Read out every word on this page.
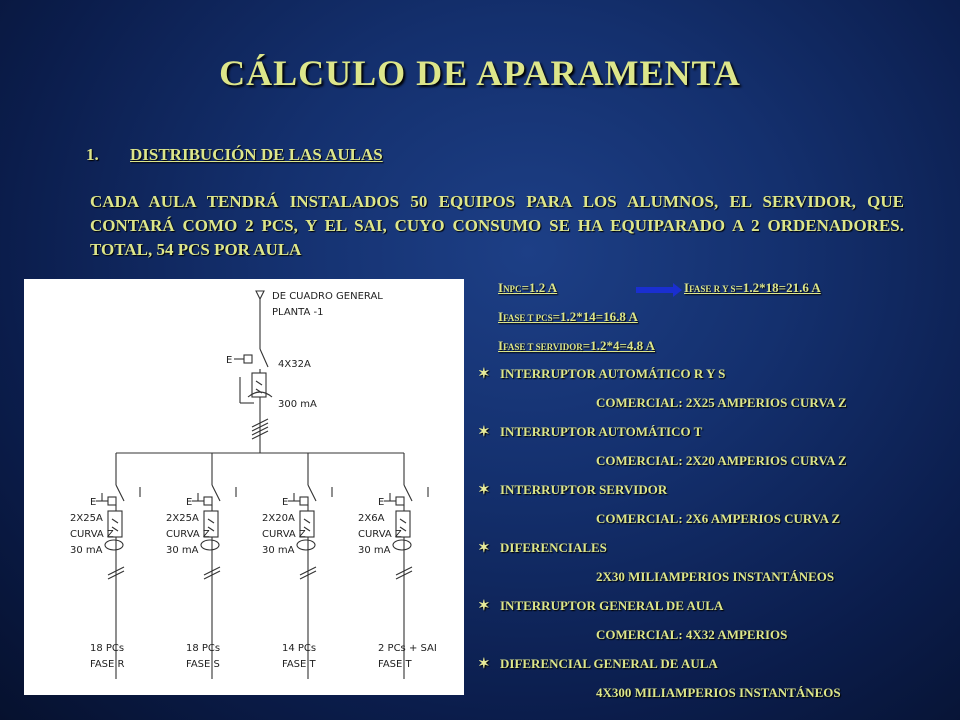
CÁLCULO DE APARAMENTA
1. DISTRIBUCIÓN DE LAS AULAS
CADA AULA TENDRÁ INSTALADOS 50 EQUIPOS PARA LOS ALUMNOS, EL SERVIDOR, QUE CONTARÁ COMO 2 PCS, Y EL SAI, CUYO CONSUMO SE HA EQUIPARADO A 2 ORDENADORES. TOTAL, 54 PCS POR AULA
DE CUADRO GENERAL
PLANTA -1
E	4X32A
300 mA
2X25A
CURVA Z
30 mA
E
18 PCs
FASE R
2X25A
CURVA Z
30 mA
E
18 PCs
FASE S
2X20A
CURVA Z
30 mA
E
14 PCs
FASE T
2X6A
CURVA Z
30 mA
E
2 PCs + SAI
FASE T
INPC=1.2 A	IFASE R Y S=1.2*18=21.6 A
IFASE T PCS=1.2*14=16.8 A
IFASE T SERVIDOR=1.2*4=4.8 A
✶ INTERRUPTOR AUTOMÁTICO R Y S
COMERCIAL: 2X25 AMPERIOS CURVA Z
✶ INTERRUPTOR AUTOMÁTICO T
COMERCIAL: 2X20 AMPERIOS CURVA Z
✶ INTERRUPTOR SERVIDOR
COMERCIAL: 2X6 AMPERIOS CURVA Z
✶ DIFERENCIALES
2X30 MILIAMPERIOS INSTANTÁNEOS
✶ INTERRUPTOR GENERAL DE AULA
COMERCIAL: 4X32 AMPERIOS
✶ DIFERENCIAL GENERAL DE AULA
4X300 MILIAMPERIOS INSTANTÁNEOS
